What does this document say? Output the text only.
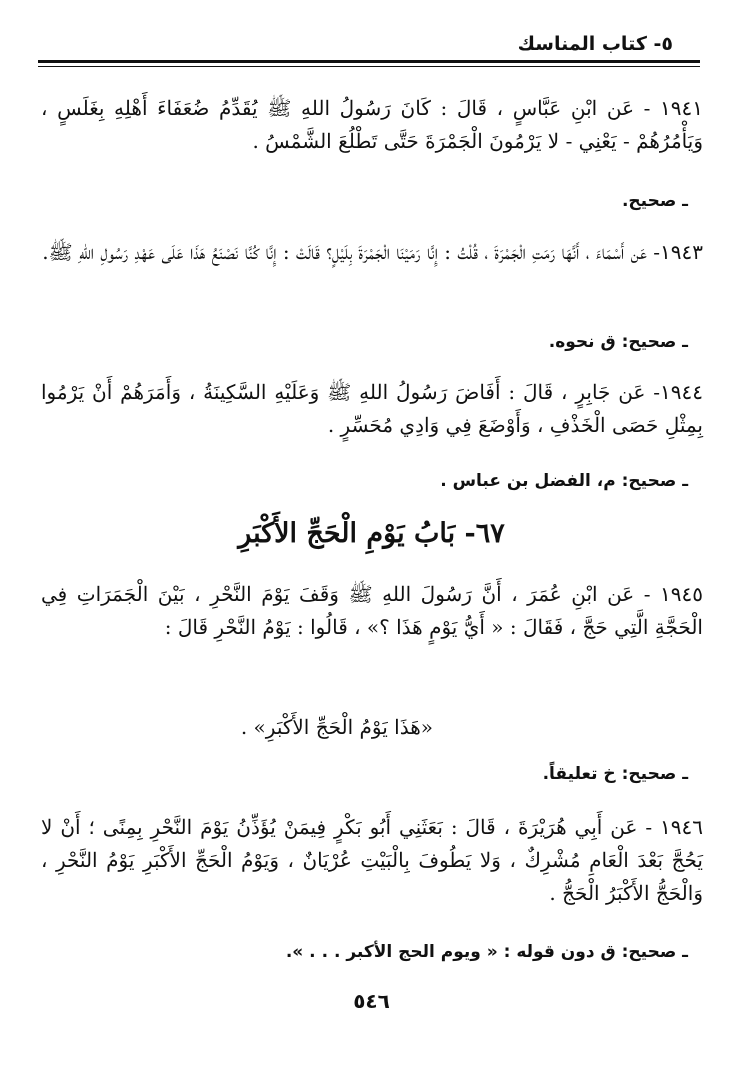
٥- كتاب المناسك
١٩٤١ - عَن ابْنِ عَبَّاسٍ ، قَالَ : كَانَ رَسُولُ اللهِ ﷺ يُقَدِّمُ ضُعَفَاءَ أَهْلِهِ بِغَلَسٍ ، وَيَأْمُرُهُمْ - يَعْنِي - لا يَرْمُونَ الْجَمْرَةَ حَتَّى تَطْلُعَ الشَّمْسُ .
ـ صحيح.
١٩٤٣- عَن أَسْمَاءَ ، أَنَّهَا رَمَتِ الْجَمْرَةَ ، قُلْتُ : إِنَّا رَمَيْنَا الْجَمْرَةَ بِلَيْلٍ؟ قَالَتْ : إِنَّا كُنَّا نَصْنَعُ هَذَا عَلَى عَهْدِ رَسُولِ اللهِ ﷺ.
ـ صحيح: ق نحوه.
١٩٤٤- عَن جَابِرٍ ، قَالَ : أَفَاضَ رَسُولُ اللهِ ﷺ وَعَلَيْهِ السَّكِينَةُ ، وَأَمَرَهُمْ أَنْ يَرْمُوا بِمِثْلِ حَصَى الْخَذْفِ ، وَأَوْضَعَ فِي وَادِي مُحَسِّرٍ .
ـ صحيح: م، الفضل بن عباس .
٦٧- بَابُ يَوْمِ الْحَجِّ الأَكْبَرِ
١٩٤٥ - عَن ابْنِ عُمَرَ ، أَنَّ رَسُولَ اللهِ ﷺ وَقَفَ يَوْمَ النَّحْرِ ، بَيْنَ الْجَمَرَاتِ فِي الْحَجَّةِ الَّتِي حَجَّ ، فَقَالَ : « أَيُّ يَوْمٍ هَذَا ؟» ، قَالُوا : يَوْمُ النَّحْرِ قَالَ :
«هَذَا يَوْمُ الْحَجِّ الأَكْبَرِ» .
ـ صحيح: خ تعليقاً.
١٩٤٦ - عَن أَبِي هُرَيْرَةَ ، قَالَ : بَعَثَنِي أَبُو بَكْرٍ فِيمَنْ يُؤَذِّنُ يَوْمَ النَّحْرِ بِمِنًى ؛ أَنْ لا يَحُجَّ بَعْدَ الْعَامِ مُشْرِكٌ ، وَلا يَطُوفَ بِالْبَيْتِ عُرْيَانٌ ، وَيَوْمُ الْحَجِّ الأَكْبَرِ يَوْمُ النَّحْرِ ، وَالْحَجُّ الأَكْبَرُ الْحَجُّ .
ـ صحيح: ق دون قوله : « ويوم الحج الأكبر . . . ».
٥٤٦
